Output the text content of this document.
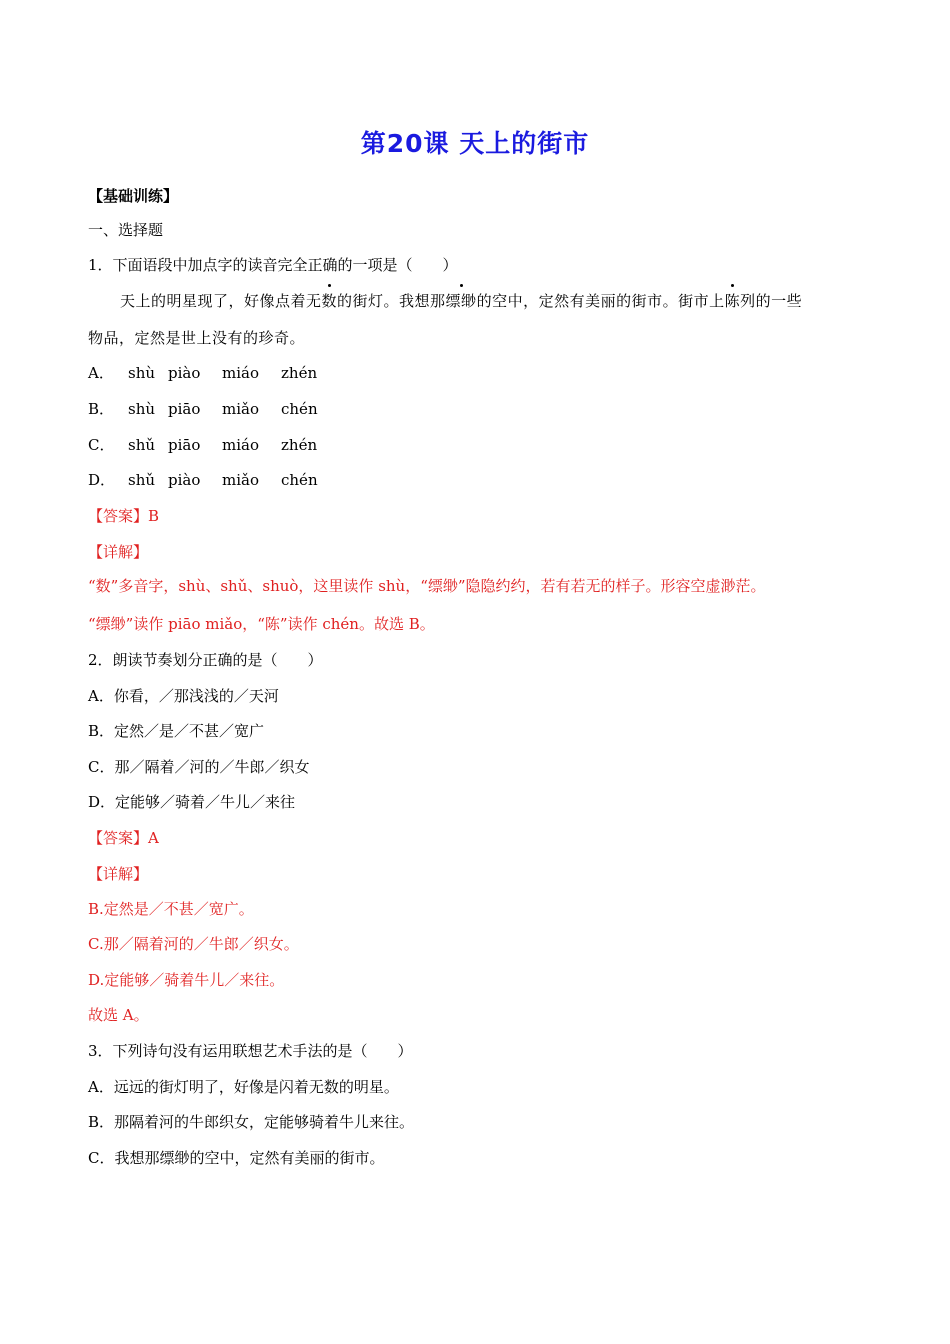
第20课 天上的街市
【基础训练】
一、选择题
1．下面语段中加点字的读音完全正确的一项是（　　）
天上的明星现了，好像点着无数的街灯。我想那缥缈的空中，定然有美丽的街市。街市上陈列的一些
物品，定然是世上没有的珍奇。
A． shù piào miáo zhén
B． shù piāo miǎo chén
C． shǔ piāo miáo zhén
D． shǔ piào miǎo chén
【答案】B
【详解】
“数”多音字，shù、shǔ、shuò，这里读作 shù，“缥缈”隐隐约约，若有若无的样子。形容空虚渺茫。
“缥缈”读作 piāo miǎo，“陈”读作 chén。故选 B。
2．朗读节奏划分正确的是（　　）
A．你看，／那浅浅的／天河
B．定然／是／不甚／宽广
C．那／隔着／河的／牛郎／织女
D．定能够／骑着／牛儿／来往
【答案】A
【详解】
B.定然是／不甚／宽广。
C.那／隔着河的／牛郎／织女。
D.定能够／骑着牛儿／来往。
故选 A。
3．下列诗句没有运用联想艺术手法的是（　　）
A．远远的街灯明了，好像是闪着无数的明星。
B．那隔着河的牛郎织女，定能够骑着牛儿来往。
C．我想那缥缈的空中，定然有美丽的街市。
